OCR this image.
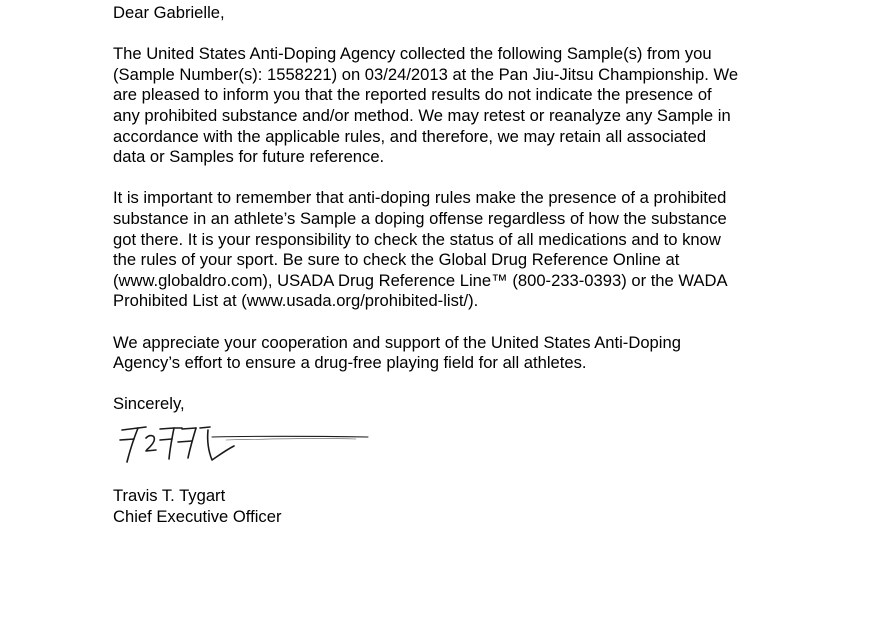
Dear Gabrielle,
The United States Anti-Doping Agency collected the following Sample(s) from you
(Sample Number(s): 1558221) on 03/24/2013 at the Pan Jiu-Jitsu Championship. We
are pleased to inform you that the reported results do not indicate the presence of
any prohibited substance and/or method. We may retest or reanalyze any Sample in
accordance with the applicable rules, and therefore, we may retain all associated
data or Samples for future reference.
It is important to remember that anti-doping rules make the presence of a prohibited
substance in an athlete’s Sample a doping offense regardless of how the substance
got there. It is your responsibility to check the status of all medications and to know
the rules of your sport. Be sure to check the Global Drug Reference Online at
(www.globaldro.com), USADA Drug Reference Line™ (800-233-0393) or the WADA
Prohibited List at (www.usada.org/prohibited-list/).
We appreciate your cooperation and support of the United States Anti-Doping
Agency’s effort to ensure a drug-free playing field for all athletes.
Sincerely,
Travis T. Tygart
Chief Executive Officer
